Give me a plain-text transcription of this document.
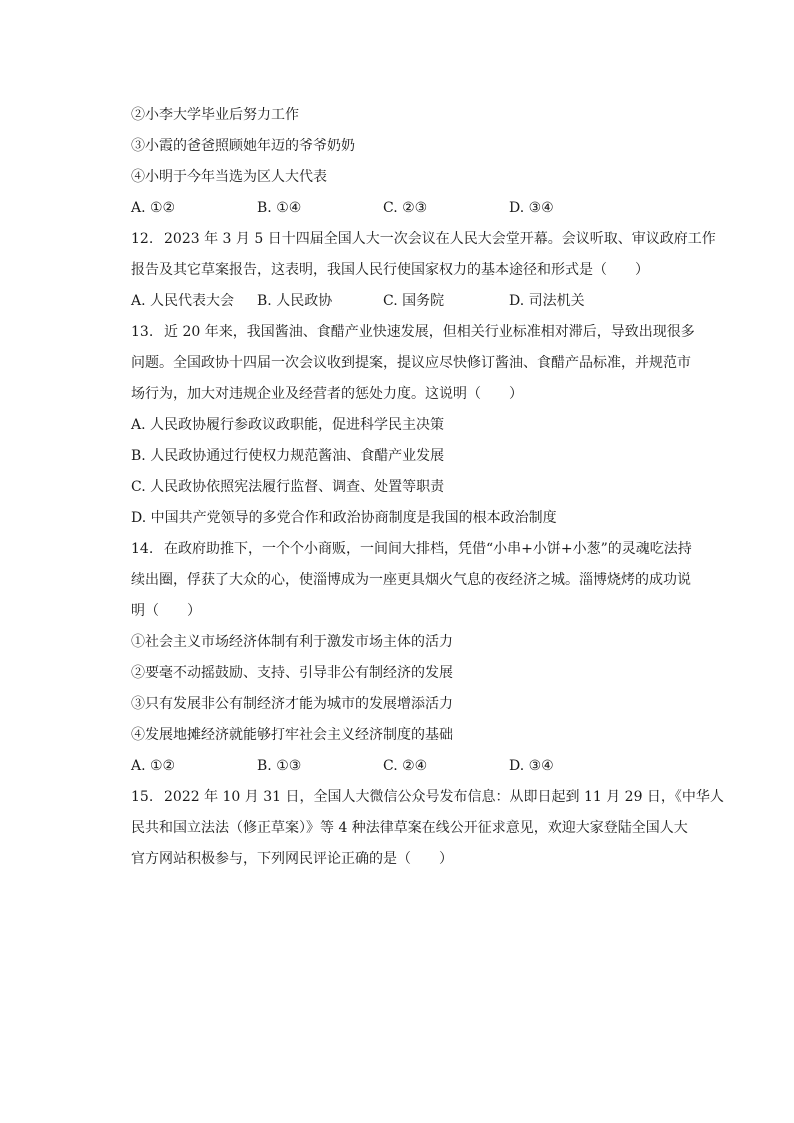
②小李大学毕业后努力工作
③小霞的爸爸照顾她年迈的爷爷奶奶
④小明于今年当选为区人大代表
A. ①②	B. ①④	C. ②③	D. ③④
12. 2023 年 3 月 5 日十四届全国人大一次会议在人民大会堂开幕。会议听取、审议政府工作
报告及其它草案报告，这表明，我国人民行使国家权力的基本途径和形式是（　　）
A. 人民代表大会	B. 人民政协	C. 国务院	D. 司法机关
13. 近 20 年来，我国酱油、食醋产业快速发展，但相关行业标准相对滞后，导致出现很多
问题。全国政协十四届一次会议收到提案，提议应尽快修订酱油、食醋产品标准，并规范市
场行为，加大对违规企业及经营者的惩处力度。这说明（　　）
A. 人民政协履行参政议政职能，促进科学民主决策
B. 人民政协通过行使权力规范酱油、食醋产业发展
C. 人民政协依照宪法履行监督、调查、处置等职责
D. 中国共产党领导的多党合作和政治协商制度是我国的根本政治制度
14. 在政府助推下，一个个小商贩，一间间大排档，凭借“小串+小饼+小葱”的灵魂吃法持
续出圈，俘获了大众的心，使淄博成为一座更具烟火气息的夜经济之城。淄博烧烤的成功说
明（　　）
①社会主义市场经济体制有利于激发市场主体的活力
②要毫不动摇鼓励、支持、引导非公有制经济的发展
③只有发展非公有制经济才能为城市的发展增添活力
④发展地摊经济就能够打牢社会主义经济制度的基础
A. ①②	B. ①③	C. ②④	D. ③④
15. 2022 年 10 月 31 日，全国人大微信公众号发布信息：从即日起到 11 月 29 日，《中华人
民共和国立法法（修正草案）》等 4 种法律草案在线公开征求意见，欢迎大家登陆全国人大
官方网站积极参与，下列网民评论正确的是（　　）
